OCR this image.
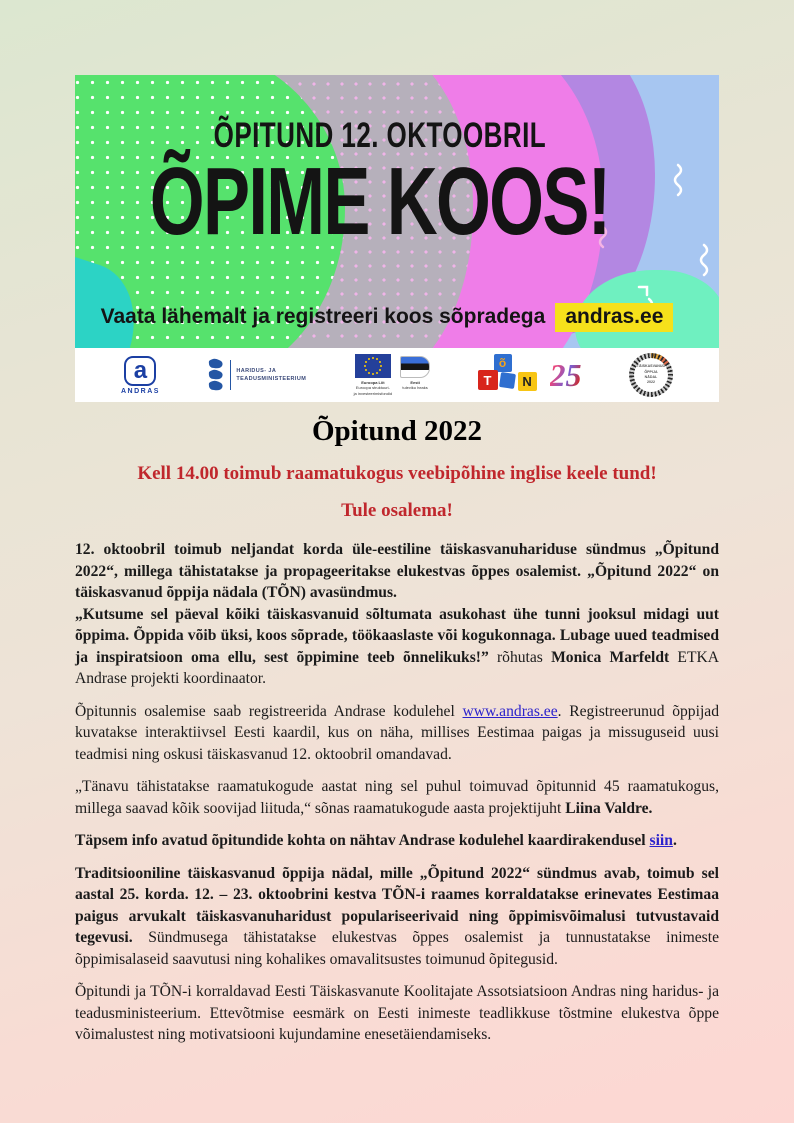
ÕPITUND 12. OKTOOBRIL
ÕPIME KOOS!
Vaata lähemalt ja registreeri koos sõpradega andras.ee
a
ANDRAS
HARIDUS- JA
TEADUSMINISTEERIUM
Euroopa Liit
Euroopa struktuuri-
ja investeerimisfondid
Eesti
tuleviku heaks
õ
T	N 25	TÄISKASVANUD
ÕPPIJA
NÄDAL
2022
Õpitund 2022
Kell 14.00 toimub raamatukogus veebipõhine inglise keele tund!
Tule osalema!

12. oktoobril toimub neljandat korda üle-eestiline täiskasvanuhariduse sündmus „Õpitund 2022“, millega tähistatakse ja propageeritakse elukestvas õppes osalemist. „Õpitund 2022“ on täiskasvanud õppija nädala (TÕN) avasündmus.

„Kutsume sel päeval kõiki täiskasvanuid sõltumata asukohast ühe tunni jooksul midagi uut õppima. Õppida võib üksi, koos sõprade, töökaaslaste või kogukonnaga. Lubage uued teadmised ja inspiratsioon oma ellu, sest õppimine teeb õnnelikuks!” rõhutas Monica Marfeldt ETKA Andrase projekti koordinaator.

Õpitunnis osalemise saab registreerida Andrase kodulehel www.andras.ee. Registreerunud õppijad kuvatakse interaktiivsel Eesti kaardil, kus on näha, millises Eestimaa paigas ja missuguseid uusi teadmisi ning oskusi täiskasvanud 12. oktoobril omandavad.

„Tänavu tähistatakse raamatukogude aastat ning sel puhul toimuvad õpitunnid 45 raamatukogus, millega saavad kõik soovijad liituda,“ sõnas raamatukogude aasta projektijuht Liina Valdre.

Täpsem info avatud õpitundide kohta on nähtav Andrase kodulehel kaardirakendusel siin.

Traditsiooniline täiskasvanud õppija nädal, mille „Õpitund 2022“ sündmus avab, toimub sel aastal 25. korda. 12. – 23. oktoobrini kestva TÕN-i raames korraldatakse erinevates Eestimaa paigus arvukalt täiskasvanuharidust populariseerivaid ning õppimisvõimalusi tutvustavaid tegevusi. Sündmusega tähistatakse elukestvas õppes osalemist ja tunnustatakse inimeste õppimisalaseid saavutusi ning kohalikes omavalitsustes toimunud õpitegusid.

Õpitundi ja TÕN-i korraldavad Eesti Täiskasvanute Koolitajate Assotsiatsioon Andras ning haridus- ja teadusministeerium. Ettevõtmise eesmärk on Eesti inimeste teadlikkuse tõstmine elukestva õppe võimalustest ning motivatsiooni kujundamine enesetäiendamiseks.
